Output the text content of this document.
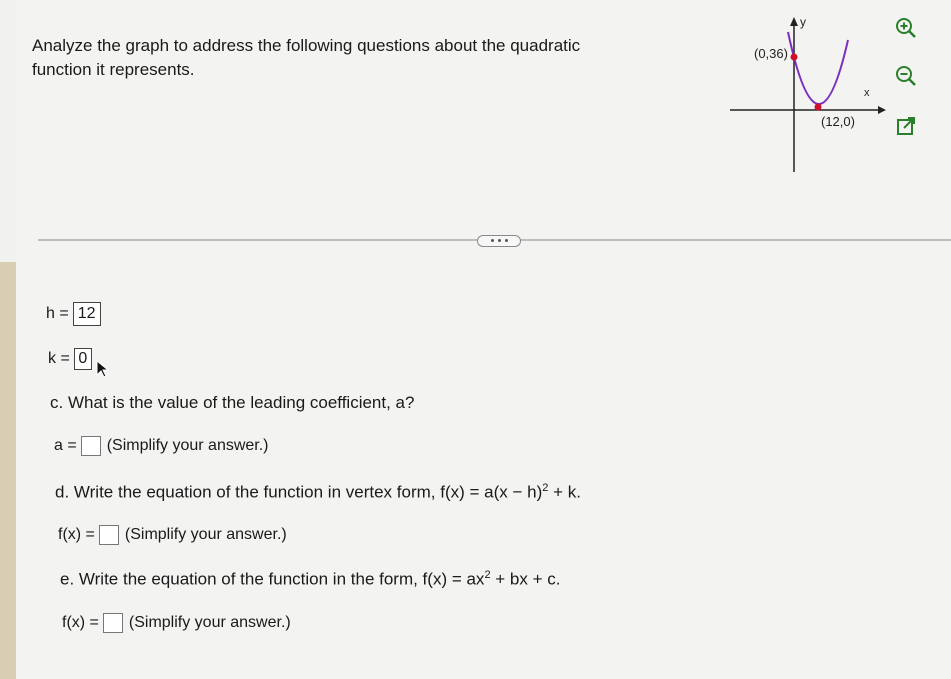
Analyze the graph to address the following questions about the quadratic function it represents.
(0,36)
(12,0)
x
y
h = 12
k = 0
c. What is the value of the leading coefficient, a?
a = (Simplify your answer.)
d. Write the equation of the function in vertex form, $f(x) = a(x - h)^2 + k$.
f(x) = (Simplify your answer.)
e. Write the equation of the function in the form, $f(x) = ax^2$ + bx + c.
f(x) = (Simplify your answer.)
